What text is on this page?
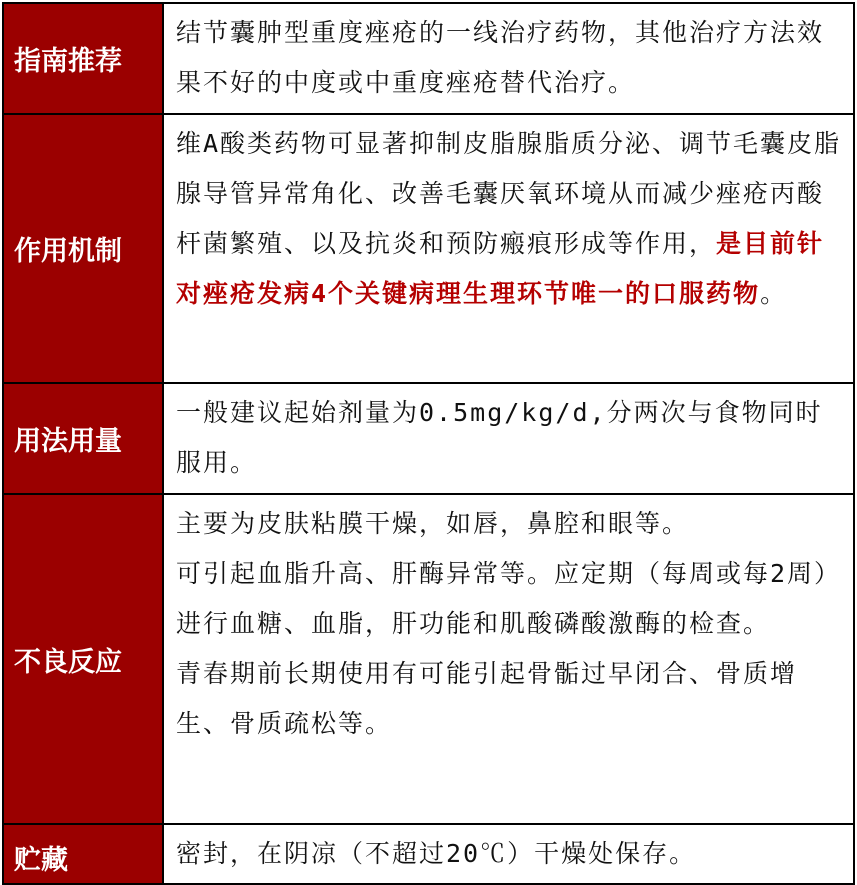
指南推荐	结节囊肿型重度痤疮的一线治疗药物，其他治疗方法效果不好的中度或中重度痤疮替代治疗。

作用机制	维A酸类药物可显著抑制皮脂腺脂质分泌、调节毛囊皮脂腺导管异常角化、改善毛囊厌氧环境从而减少痤疮丙酸杆菌繁殖、以及抗炎和预防瘢痕形成等作用，是目前针对痤疮发病4个关键病理生理环节唯一的口服药物。

用法用量	一般建议起始剂量为0.5mg/kg/d,分两次与食物同时服用。

不良反应	主要为皮肤粘膜干燥，如唇，鼻腔和眼等。

可引起血脂升高、肝酶异常等。应定期（每周或每2周）进行血糖、血脂，肝功能和肌酸磷酸激酶的检查。

青春期前长期使用有可能引起骨骺过早闭合、骨质增生、骨质疏松等。

贮藏	密封，在阴凉（不超过20℃）干燥处保存。
